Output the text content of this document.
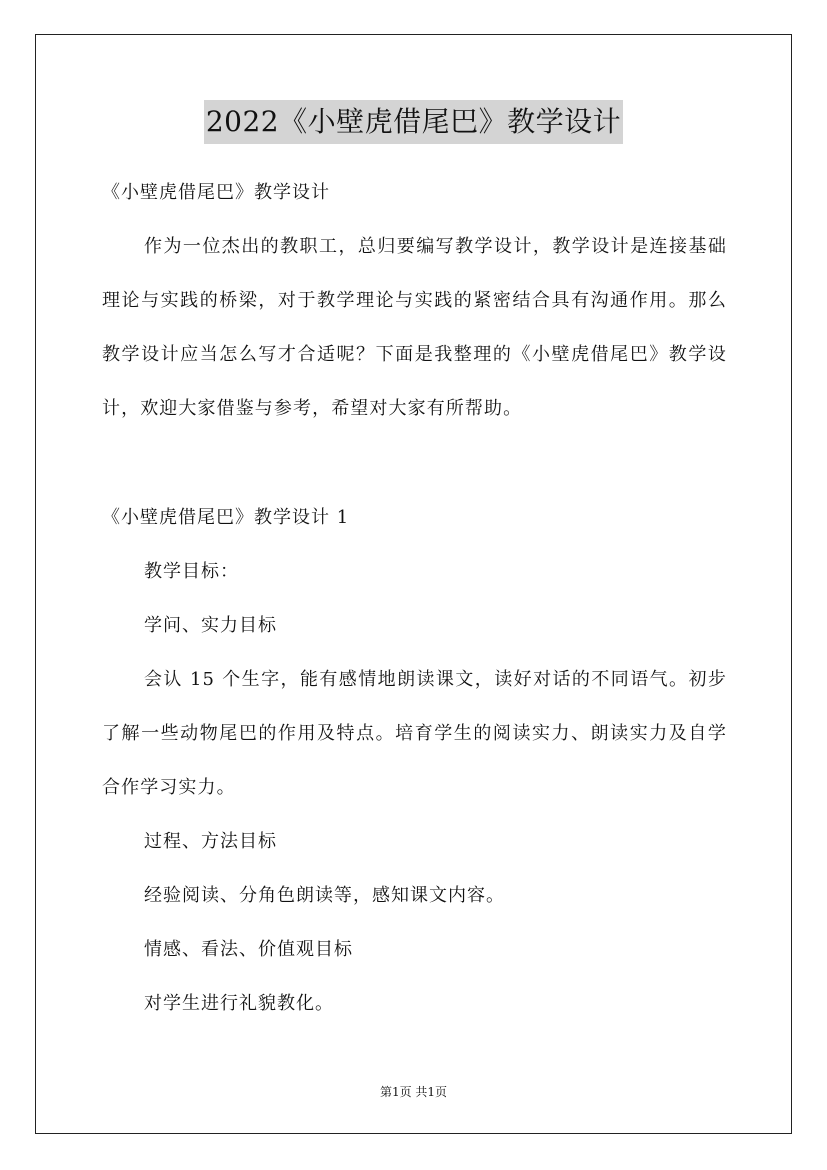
2022《小壁虎借尾巴》教学设计
《小壁虎借尾巴》教学设计
作为一位杰出的教职工，总归要编写教学设计，教学设计是连接基础理论与实践的桥梁，对于教学理论与实践的紧密结合具有沟通作用。那么教学设计应当怎么写才合适呢？下面是我整理的《小壁虎借尾巴》教学设计，欢迎大家借鉴与参考，希望对大家有所帮助。
《小壁虎借尾巴》教学设计 1
教学目标：
学问、实力目标
会认 15 个生字，能有感情地朗读课文，读好对话的不同语气。初步了解一些动物尾巴的作用及特点。培育学生的阅读实力、朗读实力及自学合作学习实力。
过程、方法目标
经验阅读、分角色朗读等，感知课文内容。
情感、看法、价值观目标
对学生进行礼貌教化。
第1页 共1页
